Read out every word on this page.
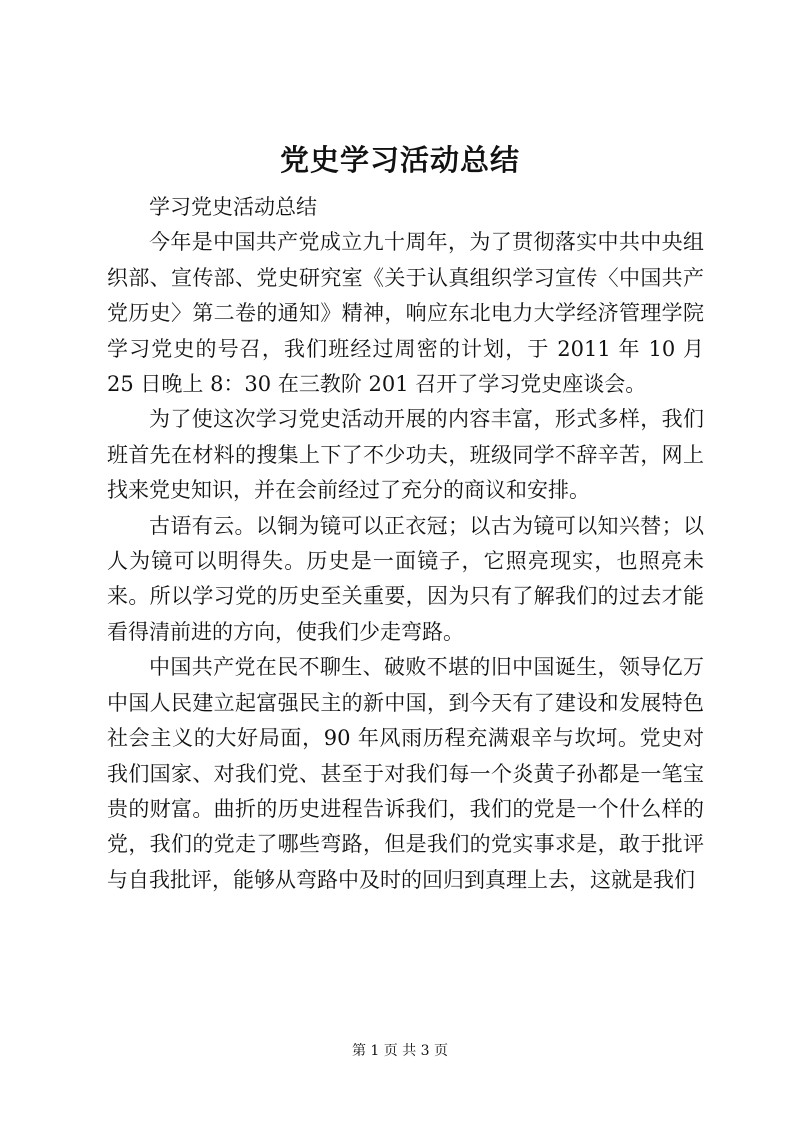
党史学习活动总结

学习党史活动总结

今年是中国共产党成立九十周年，为了贯彻落实中共中央组织部、宣传部、党史研究室《关于认真组织学习宣传〈中国共产党历史〉第二卷的通知》精神，响应东北电力大学经济管理学院学习党史的号召，我们班经过周密的计划，于 2011 年 10 月 25 日晚上 8：30 在三教阶 201 召开了学习党史座谈会。

为了使这次学习党史活动开展的内容丰富，形式多样，我们班首先在材料的搜集上下了不少功夫，班级同学不辞辛苦，网上找来党史知识，并在会前经过了充分的商议和安排。

古语有云。以铜为镜可以正衣冠；以古为镜可以知兴替；以人为镜可以明得失。历史是一面镜子，它照亮现实，也照亮未来。所以学习党的历史至关重要，因为只有了解我们的过去才能看得清前进的方向，使我们少走弯路。

中国共产党在民不聊生、破败不堪的旧中国诞生，领导亿万中国人民建立起富强民主的新中国，到今天有了建设和发展特色社会主义的大好局面，90 年风雨历程充满艰辛与坎坷。党史对我们国家、对我们党、甚至于对我们每一个炎黄子孙都是一笔宝贵的财富。曲折的历史进程告诉我们，我们的党是一个什么样的党，我们的党走了哪些弯路，但是我们的党实事求是，敢于批评与自我批评，能够从弯路中及时的回归到真理上去，这就是我们

第 1 页 共 3 页
